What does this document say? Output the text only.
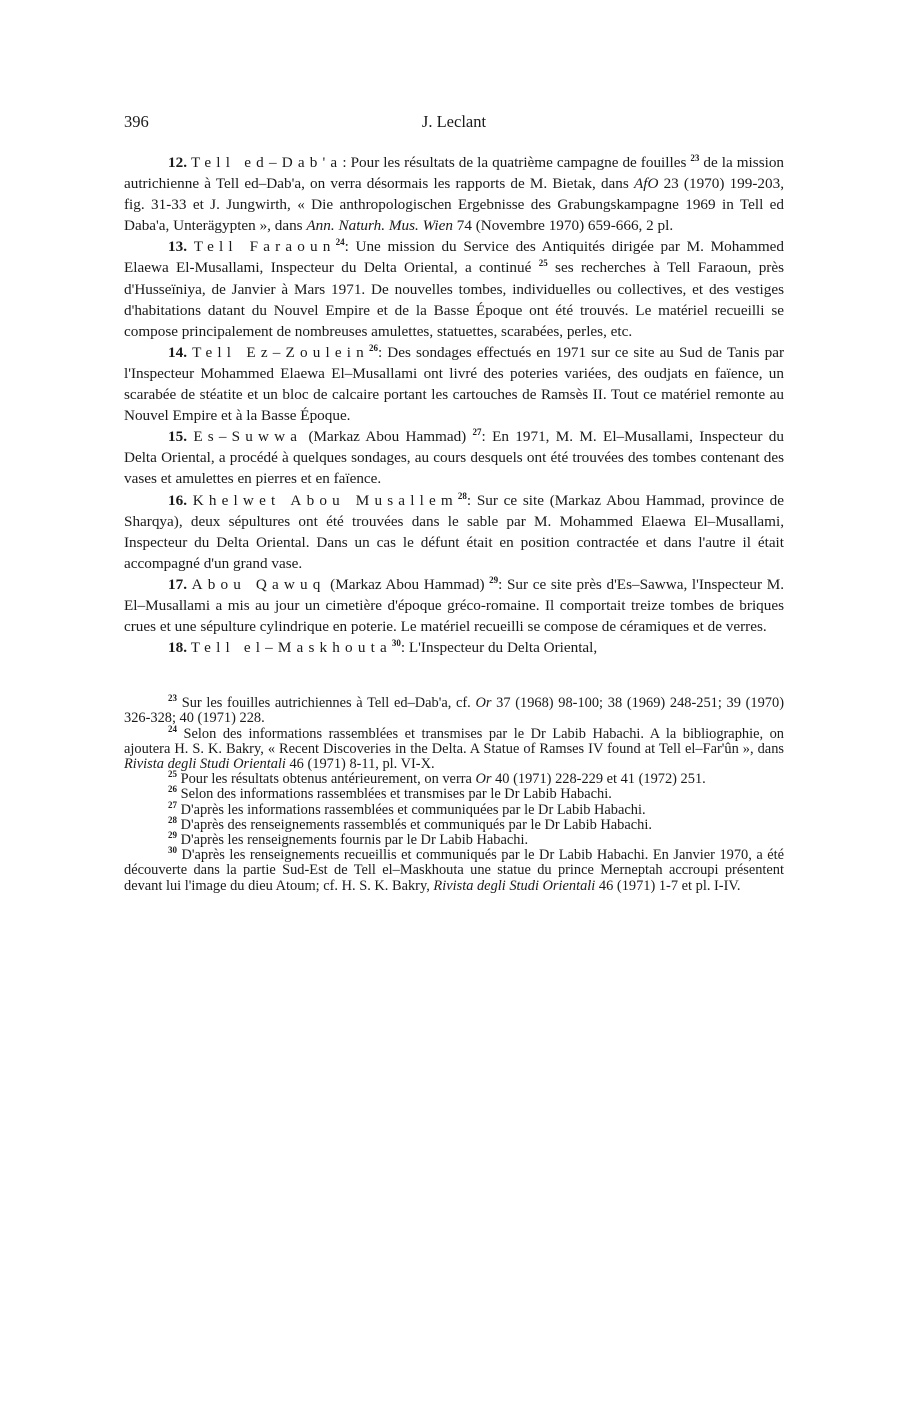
396	J. Leclant

12. Tell ed–Dab'a: Pour les résultats de la quatrième campagne de fouilles $^{23}$ de la mission autrichienne à Tell ed–Dab'a, on verra désormais les rapports de M. Bietak, dans AfO 23 (1970) 199-203, fig. 31-33 et J. Jungwirth, « Die anthropologischen Ergebnisse des Grabungskampagne 1969 in Tell ed Daba'a, Unterägypten », dans Ann. Naturh. Mus. Wien 74 (Novembre 1970) 659-666, 2 pl.

13. Tell Faraoun$^{24}$: Une mission du Service des Antiquités dirigée par M. Mohammed Elaewa El-Musallami, Inspecteur du Delta Oriental, a continué $^{25}$ ses recherches à Tell Faraoun, près d'Husseïniya, de Janvier à Mars 1971. De nouvelles tombes, individuelles ou collectives, et des vestiges d'habitations datant du Nouvel Empire et de la Basse Époque ont été trouvés. Le matériel recueilli se compose principalement de nombreuses amulettes, statuettes, scarabées, perles, etc.

14. Tell Ez–Zoulein$^{26}$: Des sondages effectués en 1971 sur ce site au Sud de Tanis par l'Inspecteur Mohammed Elaewa El–Musallami ont livré des poteries variées, des oudjats en faïence, un scarabée de stéatite et un bloc de calcaire portant les cartouches de Ramsès II. Tout ce matériel remonte au Nouvel Empire et à la Basse Époque.

15. Es–Suwwa (Markaz Abou Hammad) $^{27}$: En 1971, M. M. El–Musallami, Inspecteur du Delta Oriental, a procédé à quelques sondages, au cours desquels ont été trouvées des tombes contenant des vases et amulettes en pierres et en faïence.

16. Khelwet Abou Musallem$^{28}$: Sur ce site (Markaz Abou Hammad, province de Sharqya), deux sépultures ont été trouvées dans le sable par M. Mohammed Elaewa El–Musallami, Inspecteur du Delta Oriental. Dans un cas le défunt était en position contractée et dans l'autre il était accompagné d'un grand vase.

17. Abou Qawuq (Markaz Abou Hammad) $^{29}$: Sur ce site près d'Es–Sawwa, l'Inspecteur M. El–Musallami a mis au jour un cimetière d'époque gréco-romaine. Il comportait treize tombes de briques crues et une sépulture cylindrique en poterie. Le matériel recueilli se compose de céramiques et de verres.

18. Tell el–Maskhouta$^{30}$: L'Inspecteur du Delta Oriental,

$^{23}$ Sur les fouilles autrichiennes à Tell ed–Dab'a, cf. Or 37 (1968) 98-100; 38 (1969) 248-251; 39 (1970) 326-328; 40 (1971) 228.

$^{24}$ Selon des informations rassemblées et transmises par le Dr Labib Habachi. A la bibliographie, on ajoutera H. S. K. Bakry, « Recent Discoveries in the Delta. A Statue of Ramses IV found at Tell el–Far'ûn », dans Rivista degli Studi Orientali 46 (1971) 8-11, pl. VI-X.

$^{25}$ Pour les résultats obtenus antérieurement, on verra Or 40 (1971) 228-229 et 41 (1972) 251.

$^{26}$ Selon des informations rassemblées et transmises par le Dr Labib Habachi.

$^{27}$ D'après les informations rassemblées et communiquées par le Dr Labib Habachi.

$^{28}$ D'après des renseignements rassemblés et communiqués par le Dr Labib Habachi.

$^{29}$ D'après les renseignements fournis par le Dr Labib Habachi.

$^{30}$ D'après les renseignements recueillis et communiqués par le Dr Labib Habachi. En Janvier 1970, a été découverte dans la partie Sud-Est de Tell el–Maskhouta une statue du prince Merneptah accroupi présentent devant lui l'image du dieu Atoum; cf. H. S. K. Bakry, Rivista degli Studi Orientali 46 (1971) 1-7 et pl. I-IV.
